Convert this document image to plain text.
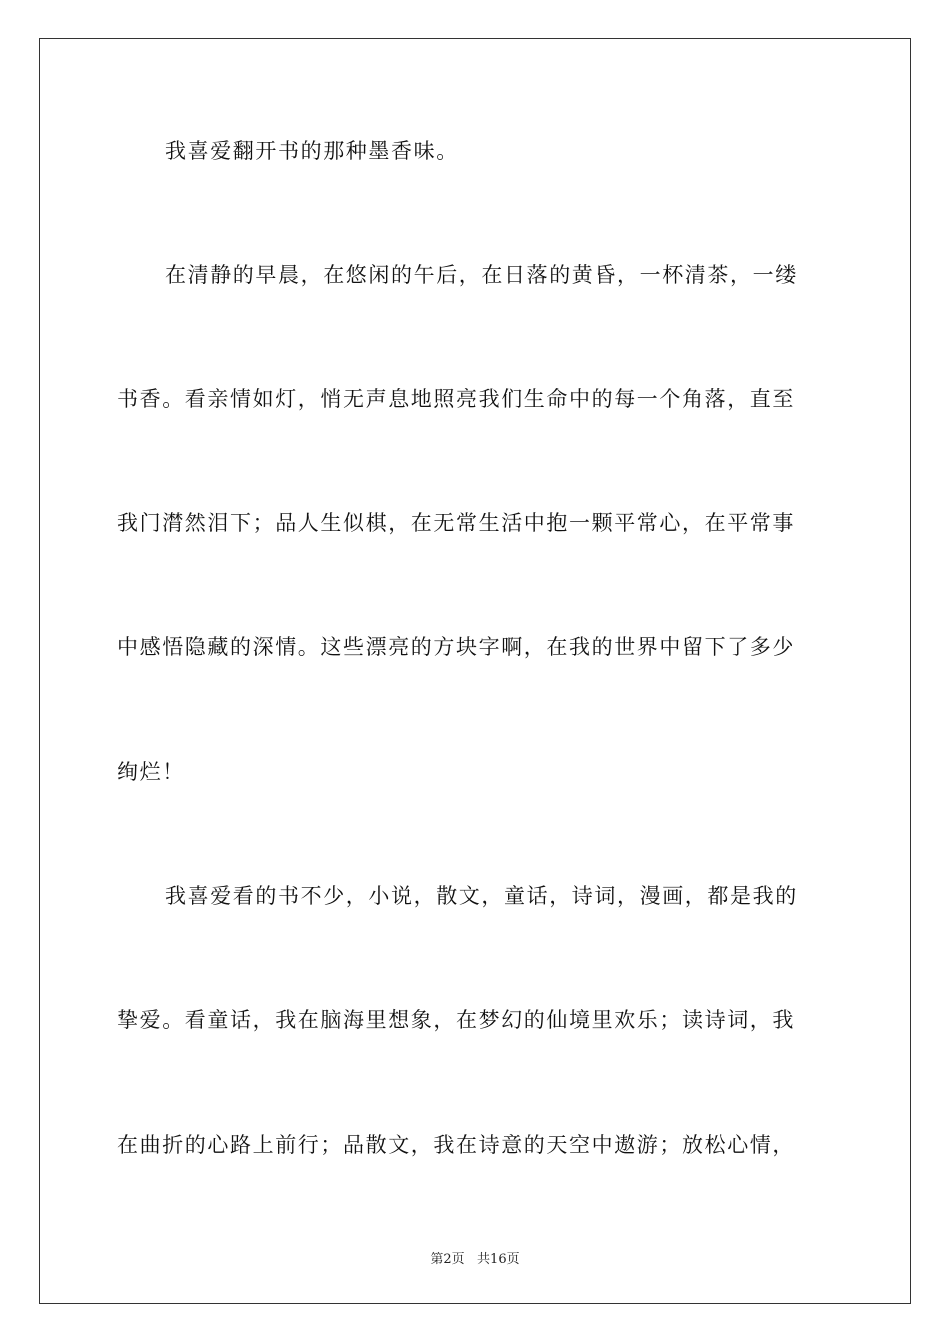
我喜爱翻开书的那种墨香味。
在清静的早晨，在悠闲的午后，在日落的黄昏，一杯清茶，一缕
书香。看亲情如灯，悄无声息地照亮我们生命中的每一个角落，直至
我门潸然泪下；品人生似棋，在无常生活中抱一颗平常心，在平常事
中感悟隐藏的深情。这些漂亮的方块字啊，在我的世界中留下了多少
绚烂！
我喜爱看的书不少，小说，散文，童话，诗词，漫画，都是我的
挚爱。看童话，我在脑海里想象，在梦幻的仙境里欢乐；读诗词，我
在曲折的心路上前行；品散文，我在诗意的天空中遨游；放松心情，
第2页   共16页
